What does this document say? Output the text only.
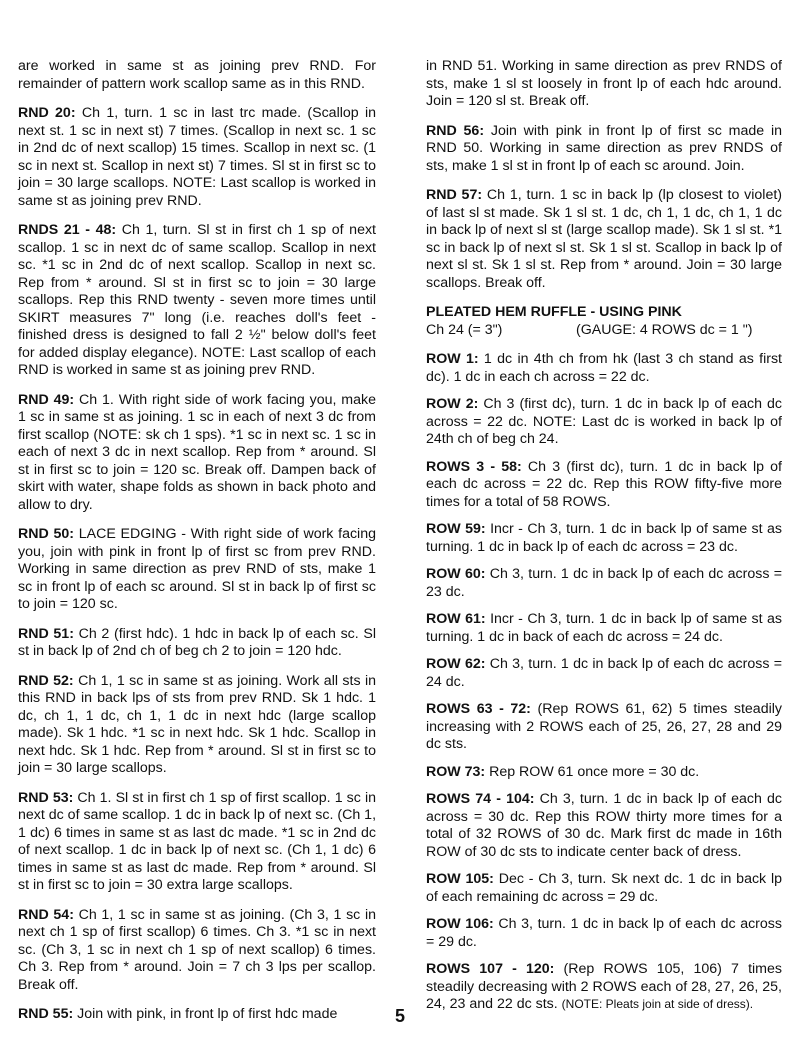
are worked in same st as joining prev RND. For remainder of pattern work scallop same as in this RND.

RND 20: Ch 1, turn. 1 sc in last trc made. (Scallop in next st. 1 sc in next st) 7 times. (Scallop in next sc. 1 sc in 2nd dc of next scallop) 15 times. Scallop in next sc. (1 sc in next st. Scallop in next st) 7 times. Sl st in first sc to join = 30 large scallops. NOTE: Last scallop is worked in same st as joining prev RND.

RNDS 21 - 48: Ch 1, turn. Sl st in first ch 1 sp of next scallop. 1 sc in next dc of same scallop. Scallop in next sc. *1 sc in 2nd dc of next scallop. Scallop in next sc. Rep from * around. Sl st in first sc to join = 30 large scallops. Rep this RND twenty - seven more times until SKIRT measures 7" long (i.e. reaches doll's feet - finished dress is designed to fall 2 ½" below doll's feet for added display elegance). NOTE: Last scallop of each RND is worked in same st as joining prev RND.

RND 49: Ch 1. With right side of work facing you, make 1 sc in same st as joining. 1 sc in each of next 3 dc from first scallop (NOTE: sk ch 1 sps). *1 sc in next sc. 1 sc in each of next 3 dc in next scallop. Rep from * around. Sl st in first sc to join = 120 sc. Break off. Dampen back of skirt with water, shape folds as shown in back photo and allow to dry.

RND 50: LACE EDGING - With right side of work facing you, join with pink in front lp of first sc from prev RND. Working in same direction as prev RND of sts, make 1 sc in front lp of each sc around. Sl st in back lp of first sc to join = 120 sc.

RND 51: Ch 2 (first hdc). 1 hdc in back lp of each sc. Sl st in back lp of 2nd ch of beg ch 2 to join = 120 hdc.

RND 52: Ch 1, 1 sc in same st as joining. Work all sts in this RND in back lps of sts from prev RND. Sk 1 hdc. 1 dc, ch 1, 1 dc, ch 1, 1 dc in next hdc (large scallop made). Sk 1 hdc. *1 sc in next hdc. Sk 1 hdc. Scallop in next hdc. Sk 1 hdc. Rep from * around. Sl st in first sc to join = 30 large scallops.

RND 53: Ch 1. Sl st in first ch 1 sp of first scallop. 1 sc in next dc of same scallop. 1 dc in back lp of next sc. (Ch 1, 1 dc) 6 times in same st as last dc made. *1 sc in 2nd dc of next scallop. 1 dc in back lp of next sc. (Ch 1, 1 dc) 6 times in same st as last dc made. Rep from * around. Sl st in first sc to join = 30 extra large scallops.

RND 54: Ch 1, 1 sc in same st as joining. (Ch 3, 1 sc in next ch 1 sp of first scallop) 6 times. Ch 3. *1 sc in next sc. (Ch 3, 1 sc in next ch 1 sp of next scallop) 6 times. Ch 3. Rep from * around. Join = 7 ch 3 lps per scallop. Break off.

RND 55: Join with pink, in front lp of first hdc made

in RND 51. Working in same direction as prev RNDS of sts, make 1 sl st loosely in front lp of each hdc around. Join = 120 sl st. Break off.

RND 56: Join with pink in front lp of first sc made in RND 50. Working in same direction as prev RNDS of sts, make 1 sl st in front lp of each sc around. Join.

RND 57: Ch 1, turn. 1 sc in back lp (lp closest to violet) of last sl st made. Sk 1 sl st. 1 dc, ch 1, 1 dc, ch 1, 1 dc in back lp of next sl st (large scallop made). Sk 1 sl st. *1 sc in back lp of next sl st. Sk 1 sl st. Scallop in back lp of next sl st. Sk 1 sl st. Rep from * around. Join = 30 large scallops. Break off.

PLEATED HEM RUFFLE - USING PINK

Ch 24 (= 3")	(GAUGE: 4 ROWS dc = 1 ")

ROW 1: 1 dc in 4th ch from hk (last 3 ch stand as first dc). 1 dc in each ch across = 22 dc.

ROW 2: Ch 3 (first dc), turn. 1 dc in back lp of each dc across = 22 dc. NOTE: Last dc is worked in back lp of 24th ch of beg ch 24.

ROWS 3 - 58: Ch 3 (first dc), turn. 1 dc in back lp of each dc across = 22 dc. Rep this ROW fifty-five more times for a total of 58 ROWS.

ROW 59: Incr - Ch 3, turn. 1 dc in back lp of same st as turning. 1 dc in back lp of each dc across = 23 dc.

ROW 60: Ch 3, turn. 1 dc in back lp of each dc across = 23 dc.

ROW 61: Incr - Ch 3, turn. 1 dc in back lp of same st as turning. 1 dc in back of each dc across = 24 dc.

ROW 62: Ch 3, turn. 1 dc in back lp of each dc across = 24 dc.

ROWS 63 - 72: (Rep ROWS 61, 62) 5 times steadily increasing with 2 ROWS each of 25, 26, 27, 28 and 29 dc sts.

ROW 73: Rep ROW 61 once more = 30 dc.

ROWS 74 - 104: Ch 3, turn. 1 dc in back lp of each dc across = 30 dc. Rep this ROW thirty more times for a total of 32 ROWS of 30 dc. Mark first dc made in 16th ROW of 30 dc sts to indicate center back of dress.

ROW 105: Dec - Ch 3, turn. Sk next dc. 1 dc in back lp of each remaining dc across = 29 dc.

ROW 106: Ch 3, turn. 1 dc in back lp of each dc across = 29 dc.

ROWS 107 - 120: (Rep ROWS 105, 106) 7 times steadily decreasing with 2 ROWS each of 28, 27, 26, 25, 24, 23 and 22 dc sts. (NOTE: Pleats join at side of dress).

5
